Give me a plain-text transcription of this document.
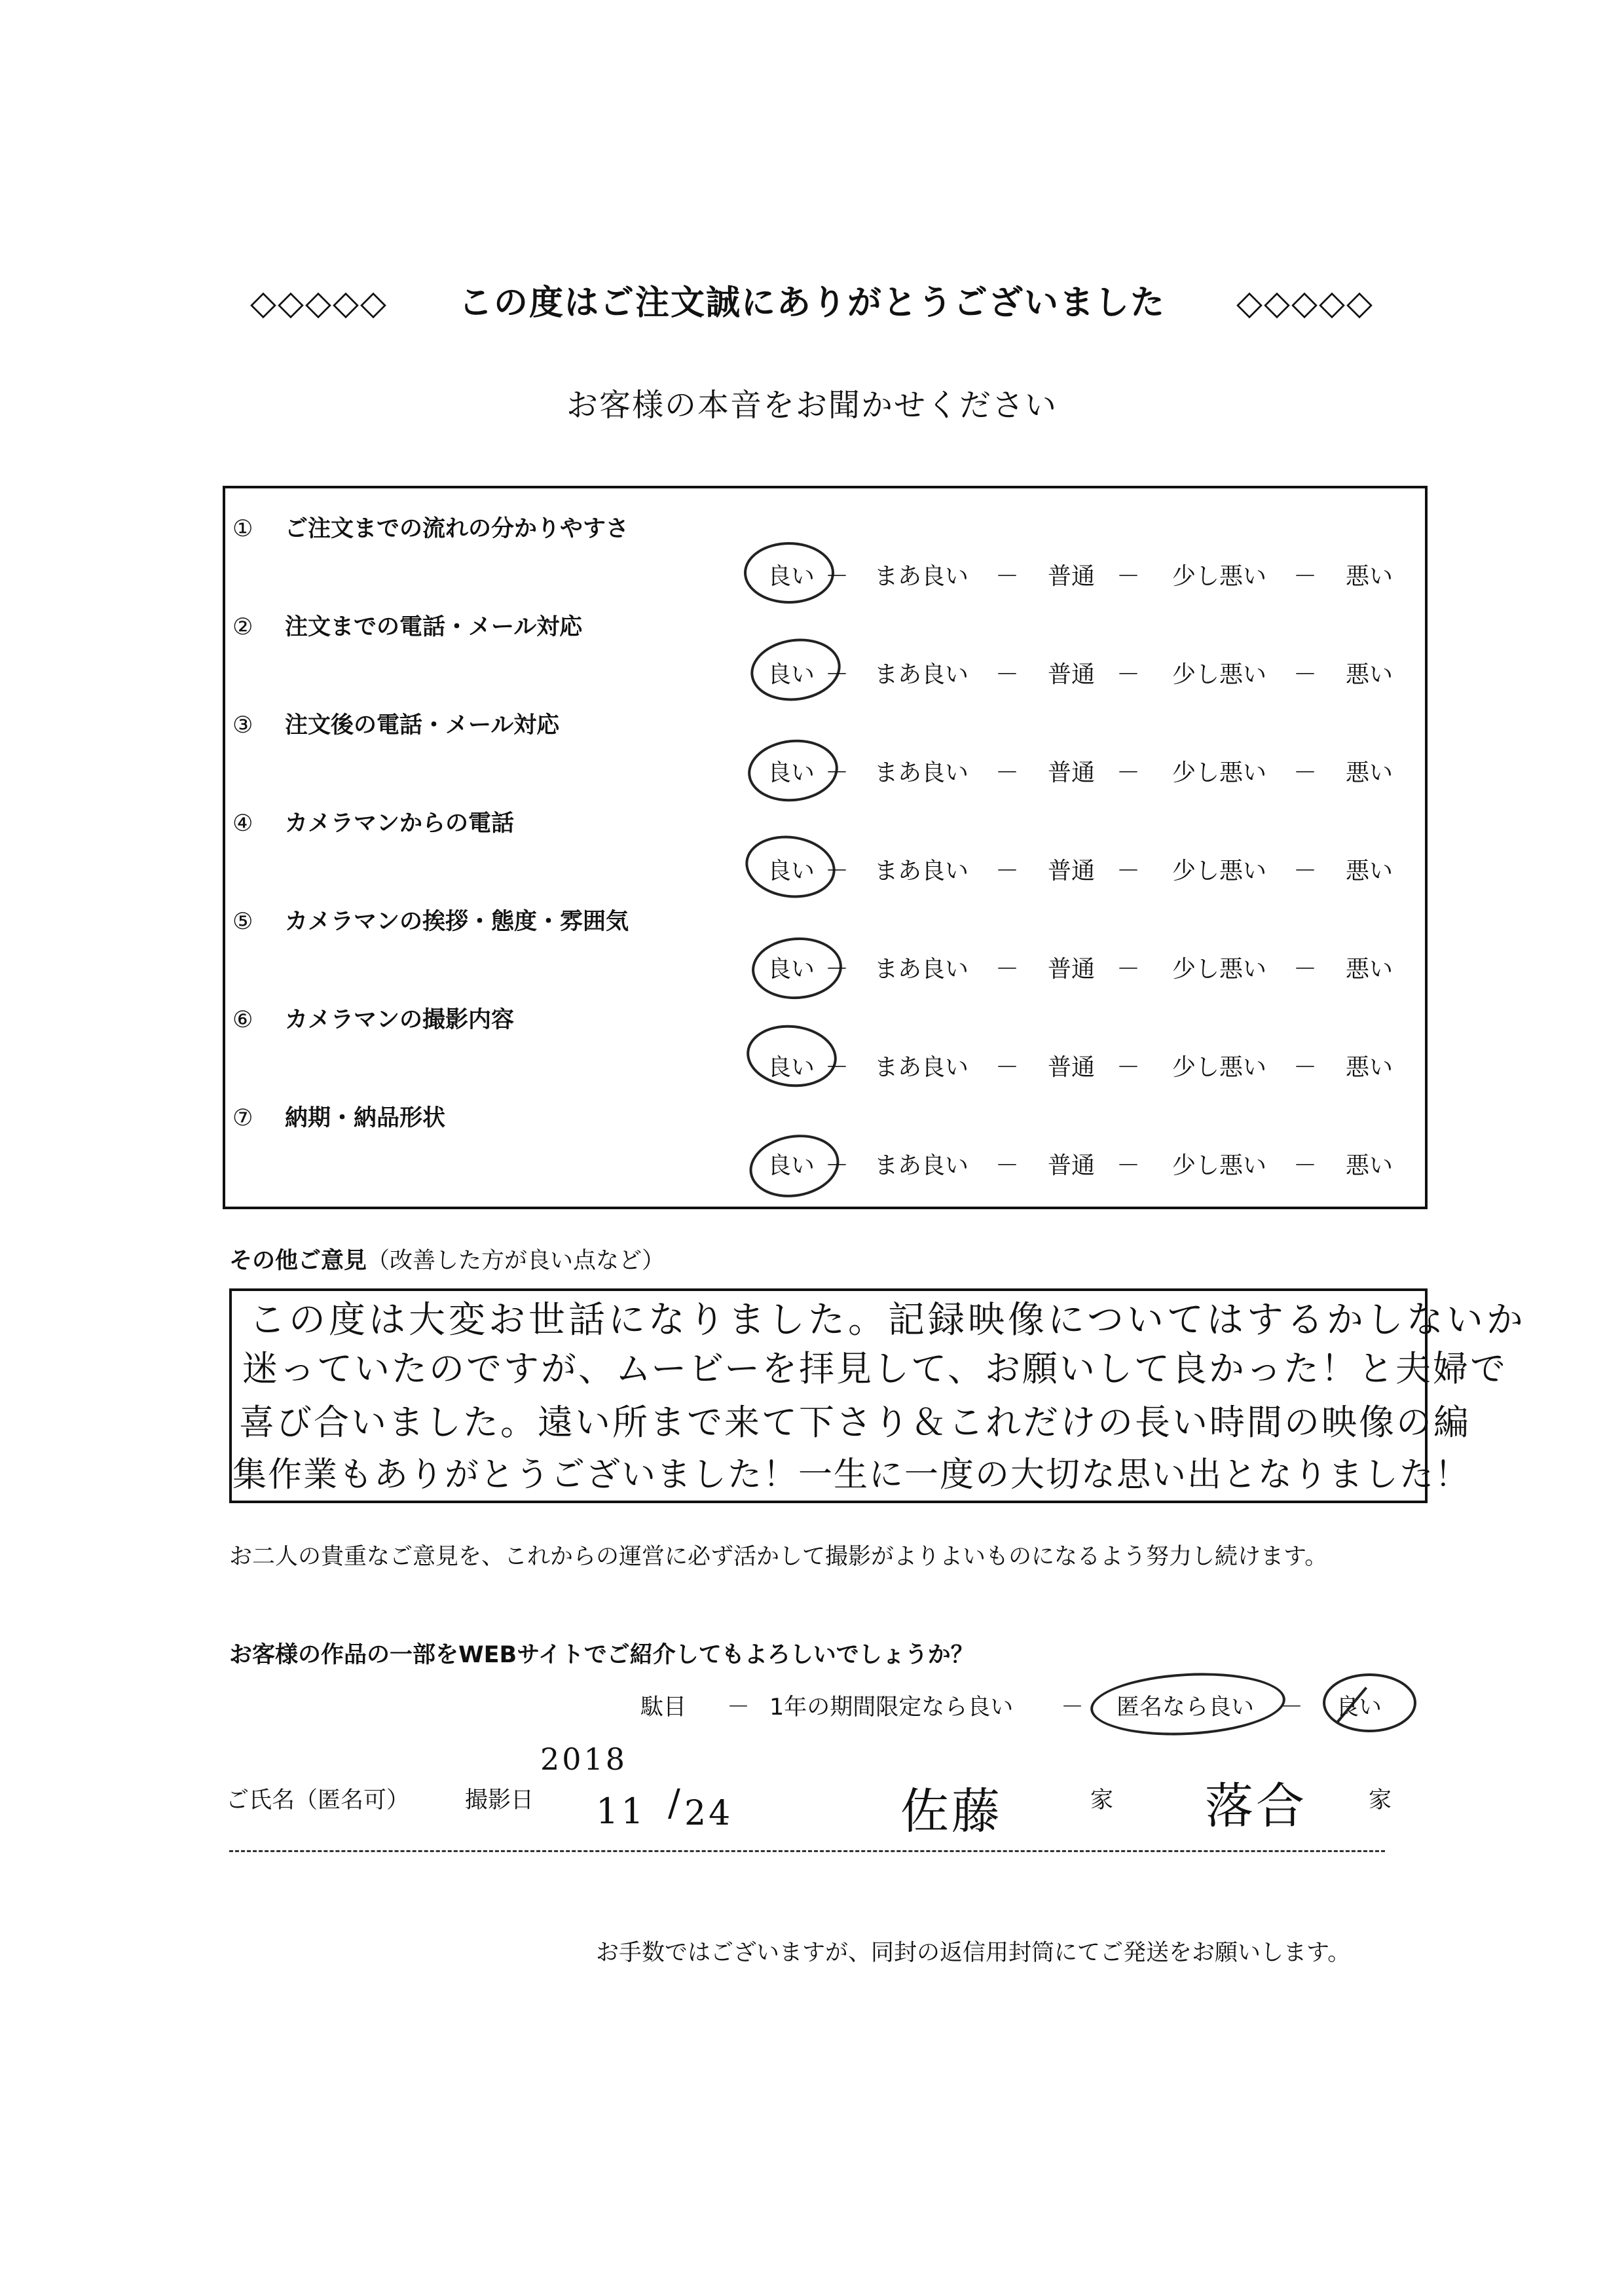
◇◇◇◇◇　　この度はご注文誠にありがとうございました　　◇◇◇◇◇
お客様の本音をお聞かせください
① ご注文までの流れの分かりやすさ
良い	まあ良い	普通	少し悪い	悪い
－	－	－	－
② 注文までの電話・メール対応
良い	まあ良い	普通	少し悪い	悪い
－	－	－	－
③ 注文後の電話・メール対応
良い	まあ良い	普通	少し悪い	悪い
－	－	－	－
④ カメラマンからの電話
良い	まあ良い	普通	少し悪い	悪い
－	－	－	－
⑤ カメラマンの挨拶・態度・雰囲気
良い	まあ良い	普通	少し悪い	悪い
－	－	－	－
⑥ カメラマンの撮影内容
良い	まあ良い	普通	少し悪い	悪い
－	－	－	－
⑦ 納期・納品形状
良い	まあ良い	普通	少し悪い	悪い
－	－	－	－
その他ご意見（改善した方が良い点など）
この度は大変お世話になりました。記録映像についてはするかしないか
迷っていたのですが、ムービーを拝見して、お願いして良かった！と夫婦で
喜び合いました。遠い所まで来て下さり＆これだけの長い時間の映像の編
集作業もありがとうございました！一生に一度の大切な思い出となりました！
お二人の貴重なご意見を、これからの運営に必ず活かして撮影がよりよいものになるよう努力し続けます。
お客様の作品の一部をWEBサイトでご紹介してもよろしいでしょうか？
駄目 － 1年の期間限定なら良い － 匿名なら良い － 良い
ご氏名（匿名可） 撮影日
2018
11 / 24	佐藤	家 落合	家
お手数ではございますが、同封の返信用封筒にてご発送をお願いします。
